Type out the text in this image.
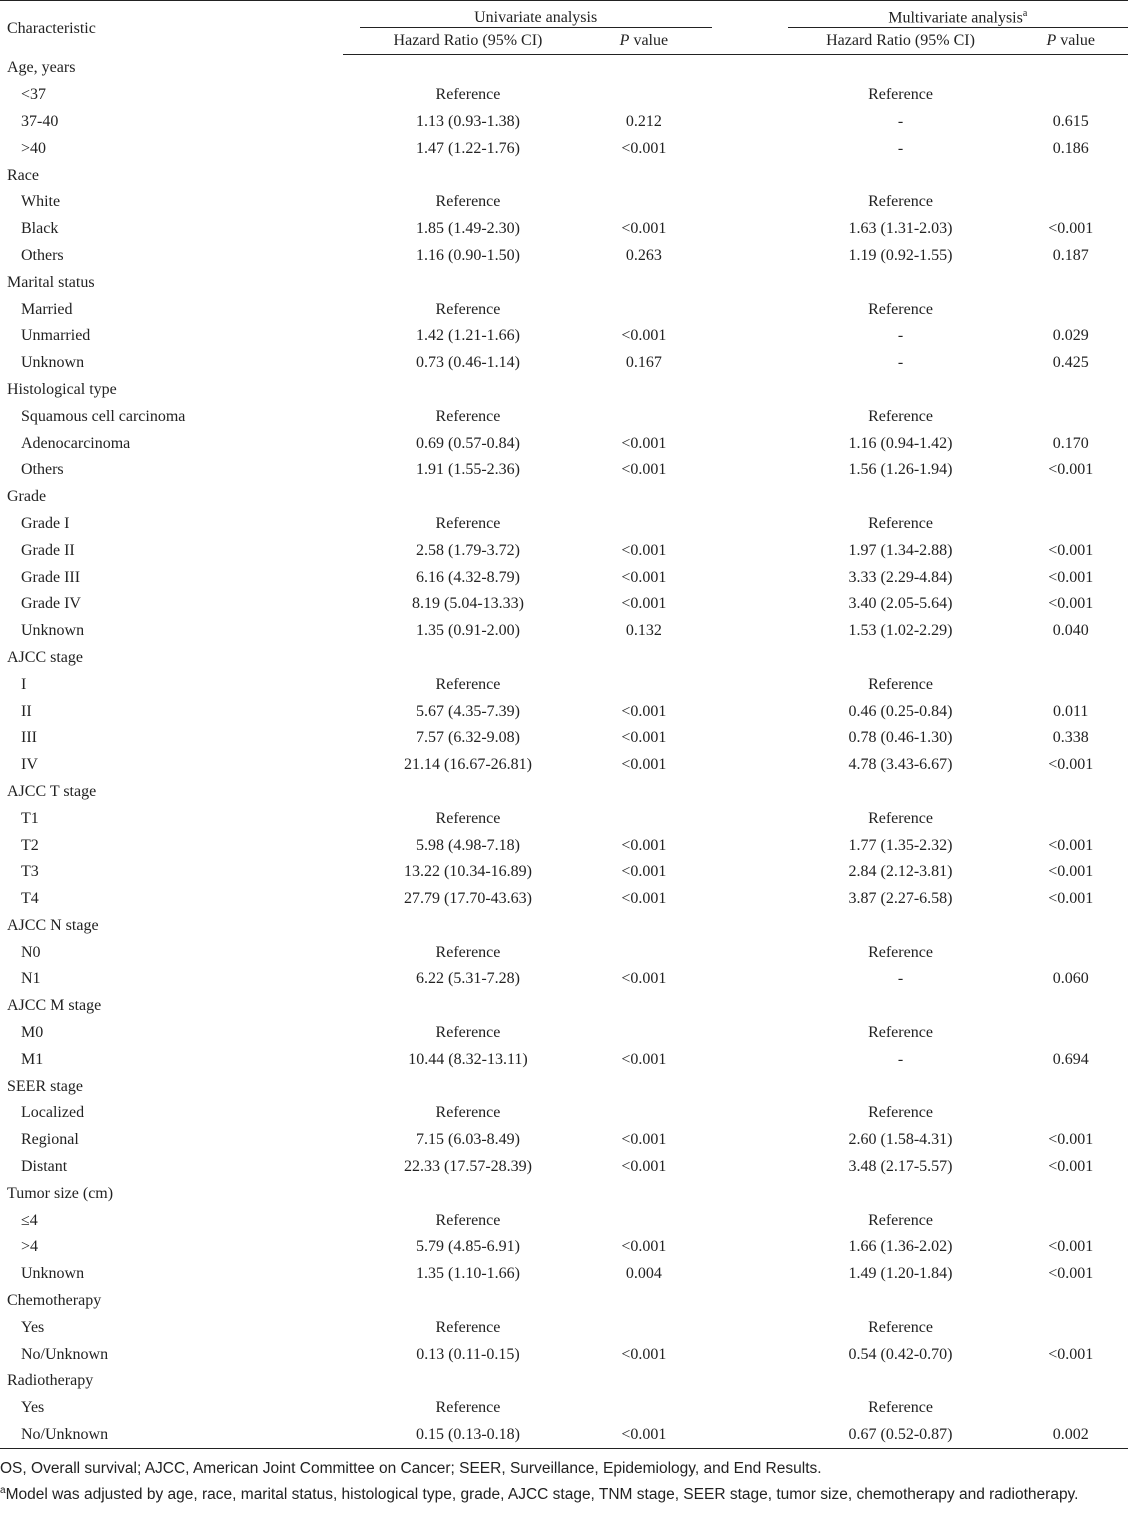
Characteristic		Univariate analysis			Multivariate analysis$^a$
		Hazard Ratio (95% CI)	P value		Hazard Ratio (95% CI)	P value
Age, years						
<37		Reference			Reference	
37-40		1.13 (0.93-1.38)	0.212		-	0.615
>40		1.47 (1.22-1.76)	<0.001		-	0.186
Race						
White		Reference			Reference	
Black		1.85 (1.49-2.30)	<0.001		1.63 (1.31-2.03)	<0.001
Others		1.16 (0.90-1.50)	0.263		1.19 (0.92-1.55)	0.187
Marital status						
Married		Reference			Reference	
Unmarried		1.42 (1.21-1.66)	<0.001		-	0.029
Unknown		0.73 (0.46-1.14)	0.167		-	0.425
Histological type						
Squamous cell carcinoma		Reference			Reference	
Adenocarcinoma		0.69 (0.57-0.84)	<0.001		1.16 (0.94-1.42)	0.170
Others		1.91 (1.55-2.36)	<0.001		1.56 (1.26-1.94)	<0.001
Grade						
Grade I		Reference			Reference	
Grade II		2.58 (1.79-3.72)	<0.001		1.97 (1.34-2.88)	<0.001
Grade III		6.16 (4.32-8.79)	<0.001		3.33 (2.29-4.84)	<0.001
Grade IV		8.19 (5.04-13.33)	<0.001		3.40 (2.05-5.64)	<0.001
Unknown		1.35 (0.91-2.00)	0.132		1.53 (1.02-2.29)	0.040
AJCC stage						
I		Reference			Reference	
II		5.67 (4.35-7.39)	<0.001		0.46 (0.25-0.84)	0.011
III		7.57 (6.32-9.08)	<0.001		0.78 (0.46-1.30)	0.338
IV		21.14 (16.67-26.81)	<0.001		4.78 (3.43-6.67)	<0.001
AJCC T stage						
T1		Reference			Reference	
T2		5.98 (4.98-7.18)	<0.001		1.77 (1.35-2.32)	<0.001
T3		13.22 (10.34-16.89)	<0.001		2.84 (2.12-3.81)	<0.001
T4		27.79 (17.70-43.63)	<0.001		3.87 (2.27-6.58)	<0.001
AJCC N stage						
N0		Reference			Reference	
N1		6.22 (5.31-7.28)	<0.001		-	0.060
AJCC M stage						
M0		Reference			Reference	
M1		10.44 (8.32-13.11)	<0.001		-	0.694
SEER stage						
Localized		Reference			Reference	
Regional		7.15 (6.03-8.49)	<0.001		2.60 (1.58-4.31)	<0.001
Distant		22.33 (17.57-28.39)	<0.001		3.48 (2.17-5.57)	<0.001
Tumor size (cm)						
≤4		Reference			Reference	
>4		5.79 (4.85-6.91)	<0.001		1.66 (1.36-2.02)	<0.001
Unknown		1.35 (1.10-1.66)	0.004		1.49 (1.20-1.84)	<0.001
Chemotherapy						
Yes		Reference			Reference	
No/Unknown		0.13 (0.11-0.15)	<0.001		0.54 (0.42-0.70)	<0.001
Radiotherapy						
Yes		Reference			Reference	
No/Unknown		0.15 (0.13-0.18)	<0.001		0.67 (0.52-0.87)	0.002

OS, Overall survival; AJCC, American Joint Committee on Cancer; SEER, Surveillance, Epidemiology, and End Results.

$^a$Model was adjusted by age, race, marital status, histological type, grade, AJCC stage, TNM stage, SEER stage, tumor size, chemotherapy and radiotherapy.
